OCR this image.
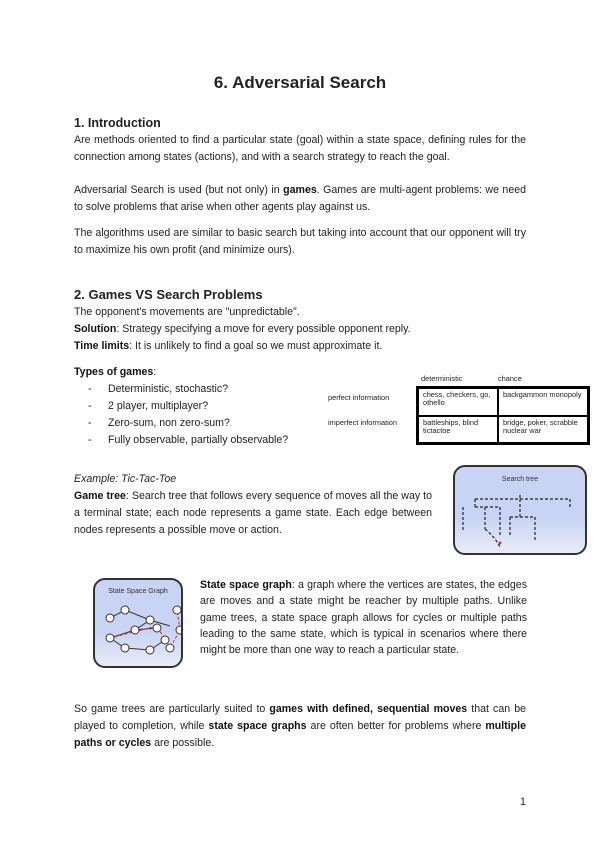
6. Adversarial Search
1. Introduction
Are methods oriented to find a particular state (goal) within a state space, defining rules for the connection among states (actions), and with a search strategy to reach the goal.
Adversarial Search is used (but not only) in games. Games are multi-agent problems: we need to solve problems that arise when other agents play against us.
The algorithms used are similar to basic search but taking into account that our opponent will try to maximize his own profit (and minimize ours).
2. Games VS Search Problems
The opponent's movements are "unpredictable".
Solution: Strategy specifying a move for every possible opponent reply.
Time limits: It is unlikely to find a goal so we must approximate it.
Types of games:
- Deterministic, stochastic?
- 2 player, multiplayer?
- Zero-sum, non zero-sum?
- Fully observable, partially observable?
deterministic	chance
perfect information
imperfect information
chess, checkers, go, othello
backgammon monopoly
battleships, blind tictactoe
bridge, poker, scrabble nuclear war
Example: Tic-Tac-Toe
Game tree: Search tree that follows every sequence of moves all the way to a terminal state; each node represents a game state. Each edge between nodes represents a possible move or action.
Search tree
State Space Graph
State space graph: a graph where the vertices are states, the edges are moves and a state might be reacher by multiple paths. Unlike game trees, a state space graph allows for cycles or multiple paths leading to the same state, which is typical in scenarios where there might be more than one way to reach a particular state.
So game trees are particularly suited to games with defined, sequential moves that can be played to completion, while state space graphs are often better for problems where multiple paths or cycles are possible.
1
